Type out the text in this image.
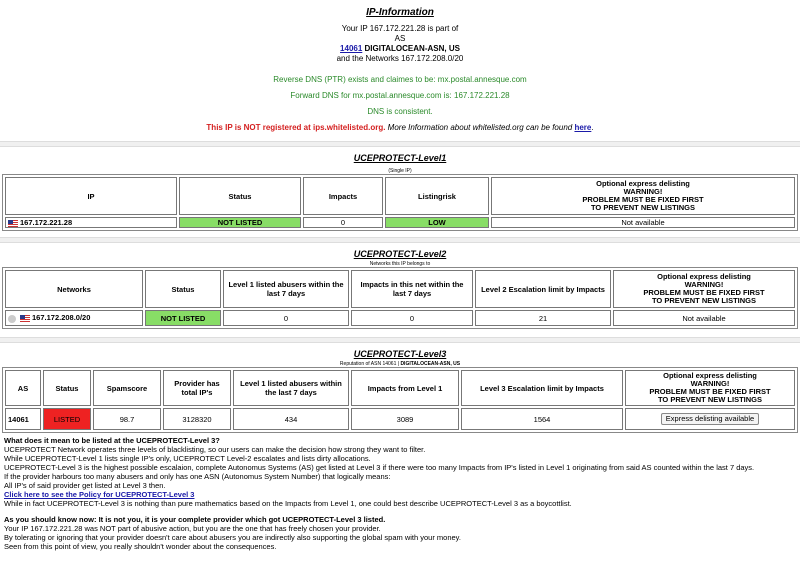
IP-Information
Your IP 167.172.221.28 is part of
AS
14061 DIGITALOCEAN-ASN, US
and the Networks 167.172.208.0/20
Reverse DNS (PTR) exists and claimes to be: mx.postal.annesque.com
Forward DNS for mx.postal.annesque.com is: 167.172.221.28
DNS is consistent.
This IP is NOT registered at ips.whitelisted.org. More Information about whitelisted.org can be found here.
UCEPROTECT-Level1
(Single IP)
IP	Status	Impacts	Listingrisk	Optional express delisting
WARNING!
PROBLEM MUST BE FIXED FIRST
TO PREVENT NEW LISTINGS
167.172.221.28	NOT LISTED	0	LOW	Not available
UCEPROTECT-Level2
Networks this IP belongs to
Networks	Status	Level 1 listed abusers within the last 7 days	Impacts in this net within the last 7 days	Level 2 Escalation limit by Impacts	Optional express delisting
WARNING!
PROBLEM MUST BE FIXED FIRST
TO PREVENT NEW LISTINGS
167.172.208.0/20	NOT LISTED	0	0	21	Not available
UCEPROTECT-Level3
Reputation of ASN 14061 | DIGITALOCEAN-ASN, US
AS	Status	Spamscore	Provider has total IP's	Level 1 listed abusers within the last 7 days	Impacts from Level 1	Level 3 Escalation limit by Impacts	Optional express delisting
WARNING!
PROBLEM MUST BE FIXED FIRST
TO PREVENT NEW LISTINGS
14061	LISTED	98.7	3128320	434	3089	1564	Express delisting available
What does it mean to be listed at the UCEPROTECT-Level 3?
UCEPROTECT Network operates three levels of blacklisting, so our users can make the decision how strong they want to filter.
While UCEPROTECT-Level 1 lists single IP's only, UCEPROTECT Level-2 escalates and lists dirty allocations.
UCEPROTECT-Level 3 is the highest possible escalaion, complete Autonomus Systems (AS) get listed at Level 3 if there were too many Impacts from IP's listed in Level 1 originating from said AS counted within the last 7 days.
If the provider harbours too many abusers and only has one ASN (Autonomus System Number) that logically means:
All IP's of said provider get listed at Level 3 then.
Click here to see the Policy for UCEPROTECT-Level 3
While in fact UCEPROTECT-Level 3 is nothing than pure mathematics based on the Impacts from Level 1, one could best describe UCEPROTECT-Level 3 as a boycottlist.
As you should know now: It is not you, it is your complete provider which got UCEPROTECT-Level 3 listed.
Your IP 167.172.221.28 was NOT part of abusive action, but you are the one that has freely chosen your provider.
By tolerating or ignoring that your provider doesn't care about abusers you are indirectly also supporting the global spam with your money.
Seen from this point of view, you really shouldn't wonder about the consequences.
